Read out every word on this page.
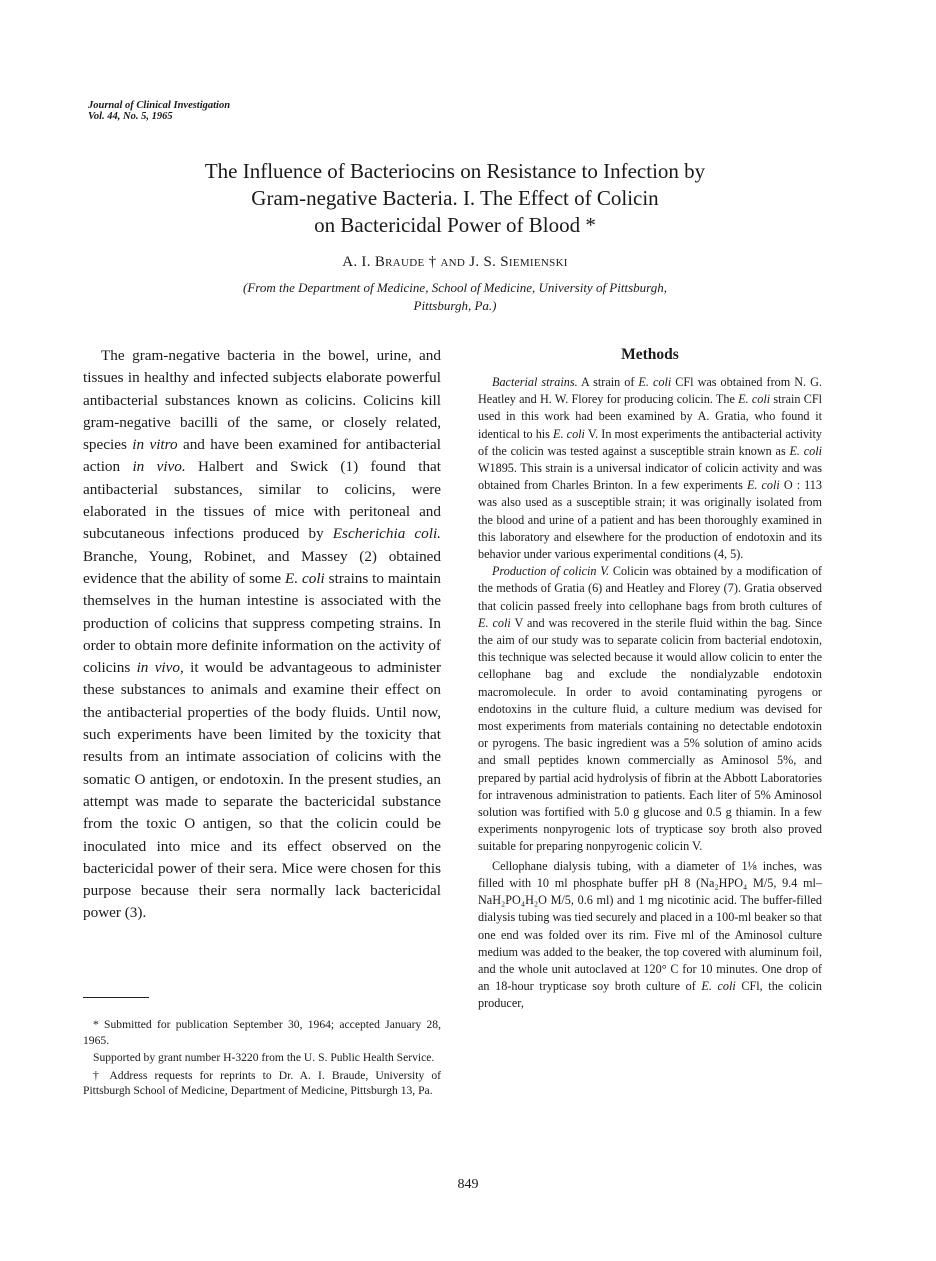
Journal of Clinical Investigation
Vol. 44, No. 5, 1965
The Influence of Bacteriocins on Resistance to Infection by
Gram-negative Bacteria. I. The Effect of Colicin
on Bactericidal Power of Blood *
A. I. Braude † and J. S. Siemienski
(From the Department of Medicine, School of Medicine, University of Pittsburgh,
Pittsburgh, Pa.)

The gram-negative bacteria in the bowel, urine, and tissues in healthy and infected subjects elaborate powerful antibacterial substances known as colicins. Colicins kill gram-negative bacilli of the same, or closely related, species in vitro and have been examined for antibacterial action in vivo. Halbert and Swick (1) found that antibacterial substances, similar to colicins, were elaborated in the tissues of mice with peritoneal and subcutaneous infections produced by Escherichia coli. Branche, Young, Robinet, and Massey (2) obtained evidence that the ability of some E. coli strains to maintain themselves in the human intestine is associated with the production of colicins that suppress competing strains. In order to obtain more definite information on the activity of colicins in vivo, it would be advantageous to administer these substances to animals and examine their effect on the antibacterial properties of the body fluids. Until now, such experiments have been limited by the toxicity that results from an intimate association of colicins with the somatic O antigen, or endotoxin. In the present studies, an attempt was made to separate the bactericidal substance from the toxic O antigen, so that the colicin could be inoculated into mice and its effect observed on the bactericidal power of their sera. Mice were chosen for this purpose because their sera normally lack bactericidal power (3).

* Submitted for publication September 30, 1964; accepted January 28, 1965.

Supported by grant number H-3220 from the U. S. Public Health Service.

† Address requests for reprints to Dr. A. I. Braude, University of Pittsburgh School of Medicine, Department of Medicine, Pittsburgh 13, Pa.

Methods

Bacterial strains. A strain of E. coli CFl was obtained from N. G. Heatley and H. W. Florey for producing colicin. The E. coli strain CFl used in this work had been examined by A. Gratia, who found it identical to his E. coli V. In most experiments the antibacterial activity of the colicin was tested against a susceptible strain known as E. coli W1895. This strain is a universal indicator of colicin activity and was obtained from Charles Brinton. In a few experiments E. coli O : 113 was also used as a susceptible strain; it was originally isolated from the blood and urine of a patient and has been thoroughly examined in this laboratory and elsewhere for the production of endotoxin and its behavior under various experimental conditions (4, 5).

Production of colicin V. Colicin was obtained by a modification of the methods of Gratia (6) and Heatley and Florey (7). Gratia observed that colicin passed freely into cellophane bags from broth cultures of E. coli V and was recovered in the sterile fluid within the bag. Since the aim of our study was to separate colicin from bacterial endotoxin, this technique was selected because it would allow colicin to enter the cellophane bag and exclude the nondialyzable endotoxin macromolecule. In order to avoid contaminating pyrogens or endotoxins in the culture fluid, a culture medium was devised for most experiments from materials containing no detectable endotoxin or pyrogens. The basic ingredient was a 5% solution of amino acids and small peptides known commercially as Aminosol 5%, and prepared by partial acid hydrolysis of fibrin at the Abbott Laboratories for intravenous administration to patients. Each liter of 5% Aminosol solution was fortified with 5.0 g glucose and 0.5 g thiamin. In a few experiments nonpyrogenic lots of trypticase soy broth also proved suitable for preparing nonpyrogenic colicin V.

Cellophane dialysis tubing, with a diameter of 1⅛ inches, was filled with 10 ml phosphate buffer pH 8 (Na₂HPO₄ M/5, 9.4 ml–NaH₂PO₄H₂O M/5, 0.6 ml) and 1 mg nicotinic acid. The buffer-filled dialysis tubing was tied securely and placed in a 100-ml beaker so that one end was folded over its rim. Five ml of the Aminosol culture medium was added to the beaker, the top covered with aluminum foil, and the whole unit autoclaved at 120° C for 10 minutes. One drop of an 18-hour trypticase soy broth culture of E. coli CFl, the colicin producer,

849
